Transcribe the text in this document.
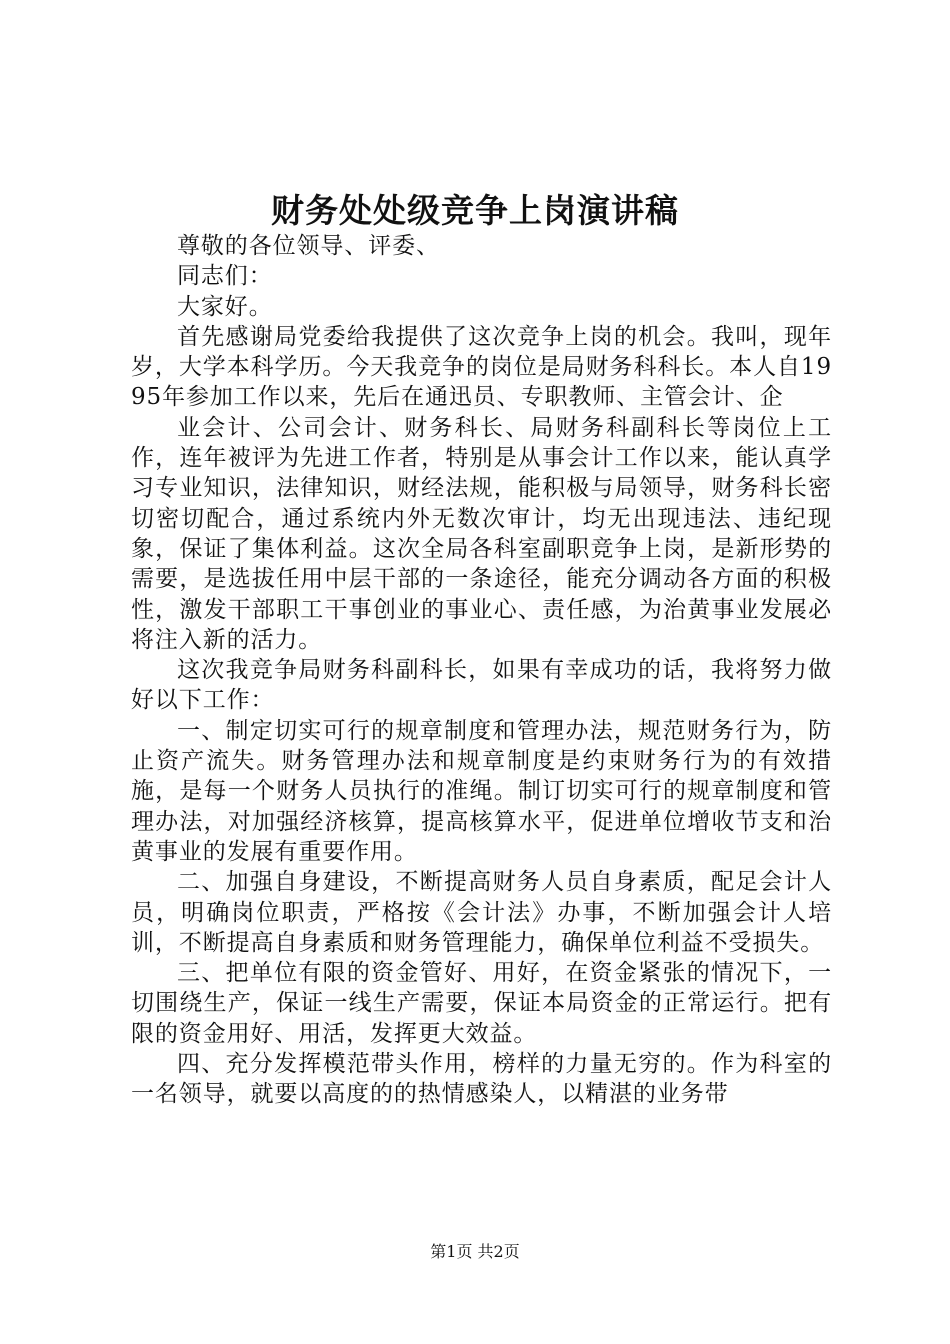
财务处处级竞争上岗演讲稿

尊敬的各位领导、评委、

同志们：

大家好。

首先感谢局党委给我提供了这次竞争上岗的机会。我叫，现年岁，大学本科学历。今天我竞争的岗位是局财务科科长。本人自1995年参加工作以来，先后在通迅员、专职教师、主管会计、企

业会计、公司会计、财务科长、局财务科副科长等岗位上工作，连年被评为先进工作者，特别是从事会计工作以来，能认真学习专业知识，法律知识，财经法规，能积极与局领导，财务科长密切密切配合，通过系统内外无数次审计，均无出现违法、违纪现象，保证了集体利益。这次全局各科室副职竞争上岗，是新形势的需要，是选拔任用中层干部的一条途径，能充分调动各方面的积极性，激发干部职工干事创业的事业心、责任感，为治黄事业发展必将注入新的活力。

这次我竞争局财务科副科长，如果有幸成功的话，我将努力做好以下工作：

一、制定切实可行的规章制度和管理办法，规范财务行为，防止资产流失。财务管理办法和规章制度是约束财务行为的有效措施，是每一个财务人员执行的准绳。制订切实可行的规章制度和管理办法，对加强经济核算，提高核算水平，促进单位增收节支和治黄事业的发展有重要作用。

二、加强自身建设，不断提高财务人员自身素质，配足会计人员，明确岗位职责，严格按《会计法》办事，不断加强会计人培训，不断提高自身素质和财务管理能力，确保单位利益不受损失。

三、把单位有限的资金管好、用好，在资金紧张的情况下，一切围绕生产，保证一线生产需要，保证本局资金的正常运行。把有限的资金用好、用活，发挥更大效益。

四、充分发挥模范带头作用，榜样的力量无穷的。作为科室的一名领导，就要以高度的的热情感染人，以精湛的业务带

第1页 共2页
